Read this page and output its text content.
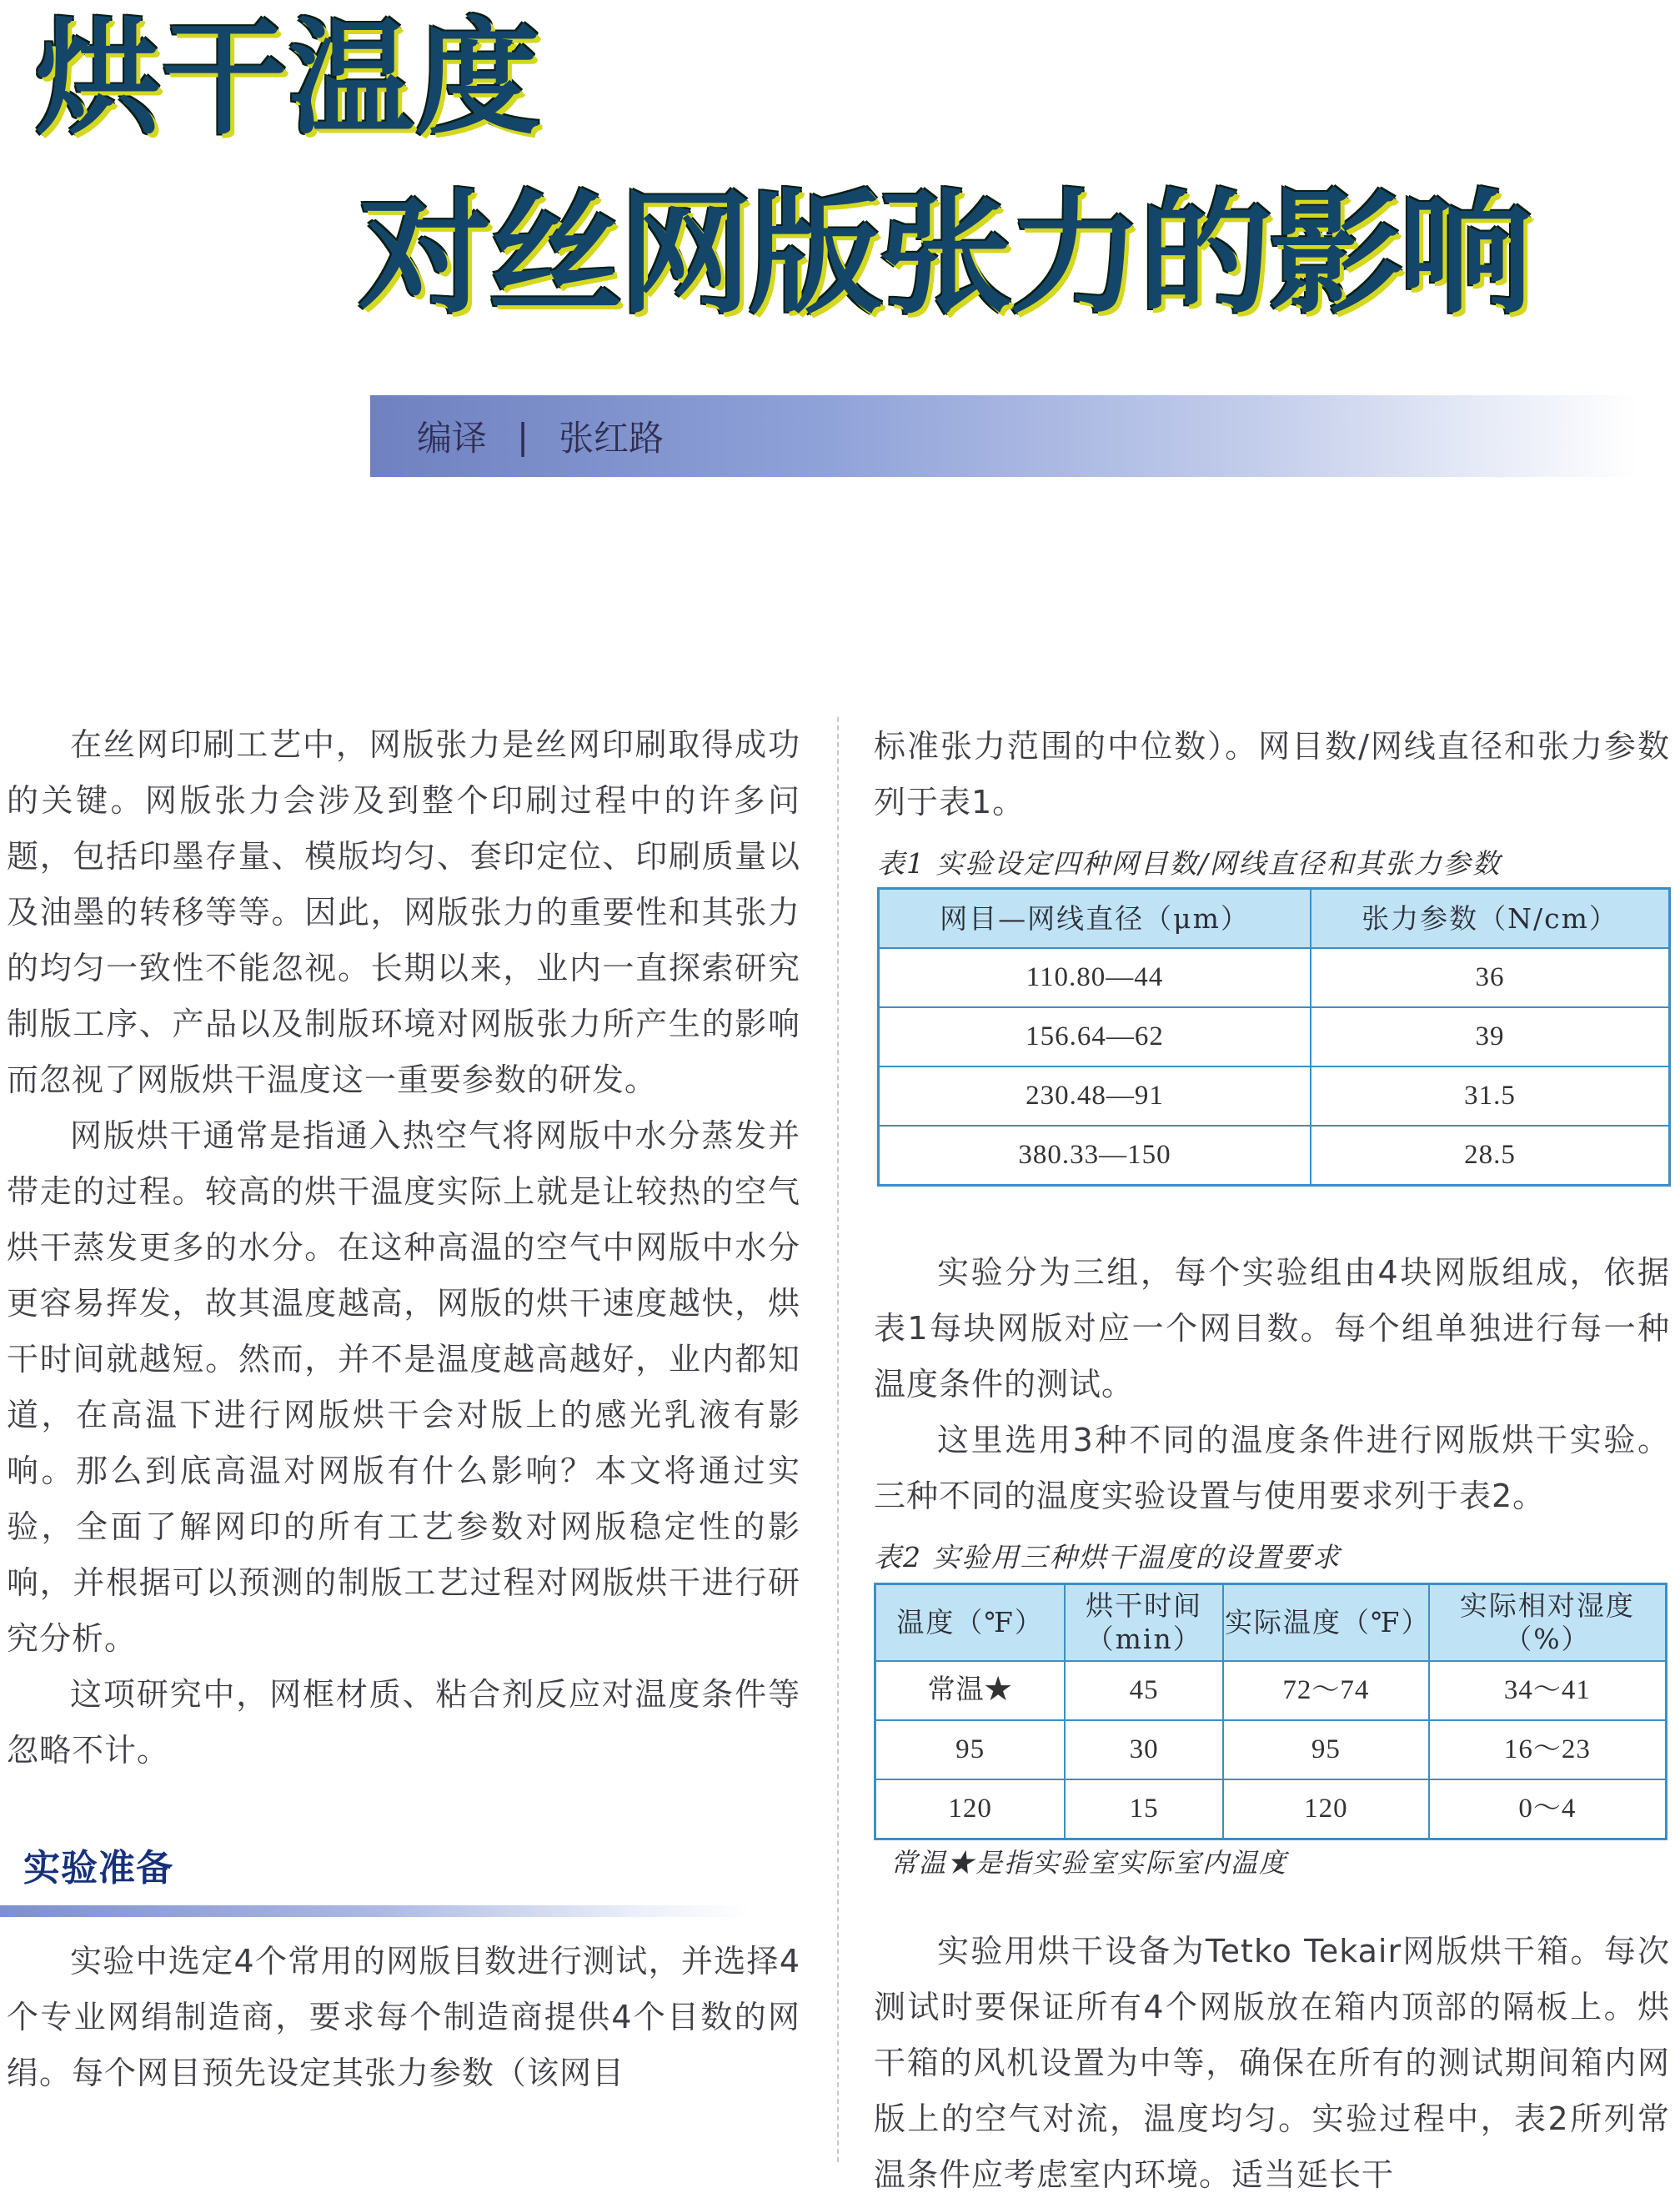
烘干温度
对丝网版张力的影响
编译 | 张红路

在丝网印刷工艺中，网版张力是丝网印刷取得成功的关键。网版张力会涉及到整个印刷过程中的许多问题，包括印墨存量、模版均匀、套印定位、印刷质量以及油墨的转移等等。因此，网版张力的重要性和其张力的均匀一致性不能忽视。长期以来，业内一直探索研究制版工序、产品以及制版环境对网版张力所产生的影响而忽视了网版烘干温度这一重要参数的研发。

网版烘干通常是指通入热空气将网版中水分蒸发并带走的过程。较高的烘干温度实际上就是让较热的空气烘干蒸发更多的水分。在这种高温的空气中网版中水分更容易挥发，故其温度越高，网版的烘干速度越快，烘干时间就越短。然而，并不是温度越高越好，业内都知道，在高温下进行网版烘干会对版上的感光乳液有影响。那么到底高温对网版有什么影响？本文将通过实验，全面了解网印的所有工艺参数对网版稳定性的影响，并根据可以预测的制版工艺过程对网版烘干进行研究分析。

这项研究中，网框材质、粘合剂反应对温度条件等忽略不计。

实验准备

实验中选定4个常用的网版目数进行测试，并选择4个专业网绢制造商，要求每个制造商提供4个目数的网绢。每个网目预先设定其张力参数（该网目

标准张力范围的中位数）。网目数/网线直径和张力参数列于表1。

表1 实验设定四种网目数/网线直径和其张力参数
网目—网线直径（μm）	张力参数（N/cm）
110.80—44	36
156.64—62	39
230.48—91	31.5
380.33—150	28.5

实验分为三组，每个实验组由4块网版组成，依据表1每块网版对应一个网目数。每个组单独进行每一种温度条件的测试。

这里选用3种不同的温度条件进行网版烘干实验。三种不同的温度实验设置与使用要求列于表2。

表2 实验用三种烘干温度的设置要求
温度（℉）	烘干时间（min）	实际温度（℉）	实际相对湿度（%）
常温★	45	72～74	34～41
95	30	95	16～23
120	15	120	0～4
常温★是指实验室实际室内温度

实验用烘干设备为Tetko Tekair网版烘干箱。每次测试时要保证所有4个网版放在箱内顶部的隔板上。烘干箱的风机设置为中等，确保在所有的测试期间箱内网版上的空气对流，温度均匀。实验过程中，表2所列常温条件应考虑室内环境。适当延长干
